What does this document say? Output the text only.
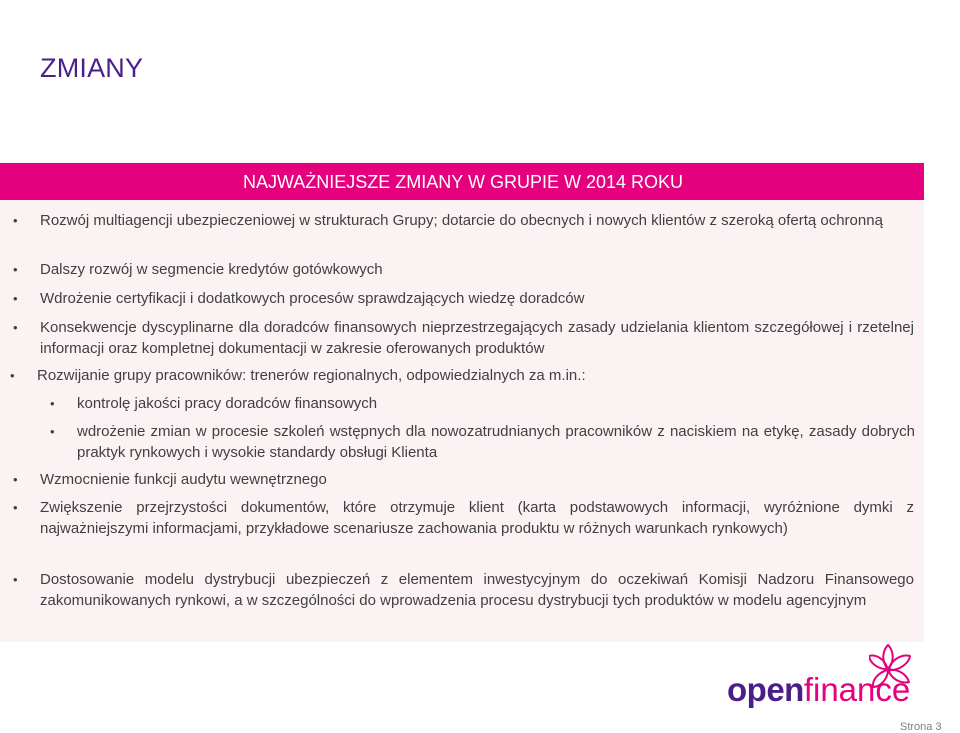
ZMIANY
NAJWAŻNIEJSZE ZMIANY W GRUPIE W 2014 ROKU
• Rozwój multiagencji ubezpieczeniowej w strukturach Grupy; dotarcie do obecnych i nowych klientów z szeroką ofertą ochronną
• Dalszy rozwój w segmencie kredytów gotówkowych
• Wdrożenie certyfikacji i dodatkowych procesów sprawdzających wiedzę doradców
• Konsekwencje dyscyplinarne dla doradców finansowych nieprzestrzegających zasady udzielania klientom szczegółowej i rzetelnej informacji oraz kompletnej dokumentacji w zakresie oferowanych produktów
• Rozwijanie grupy pracowników: trenerów regionalnych, odpowiedzialnych za m.in.:
• kontrolę jakości pracy doradców finansowych
• wdrożenie zmian w procesie szkoleń wstępnych dla nowozatrudnianych pracowników z naciskiem na etykę, zasady dobrych praktyk rynkowych i wysokie standardy obsługi Klienta
• Wzmocnienie funkcji audytu wewnętrznego
• Zwiększenie przejrzystości dokumentów, które otrzymuje klient (karta podstawowych informacji, wyróżnione dymki z najważniejszymi informacjami, przykładowe scenariusze zachowania produktu w różnych warunkach rynkowych)
• Dostosowanie modelu dystrybucji ubezpieczeń z elementem inwestycyjnym do oczekiwań Komisji Nadzoru Finansowego zakomunikowanych rynkowi, a w szczególności do wprowadzenia procesu dystrybucji tych produktów w modelu agencyjnym
openfinance
Strona 3
